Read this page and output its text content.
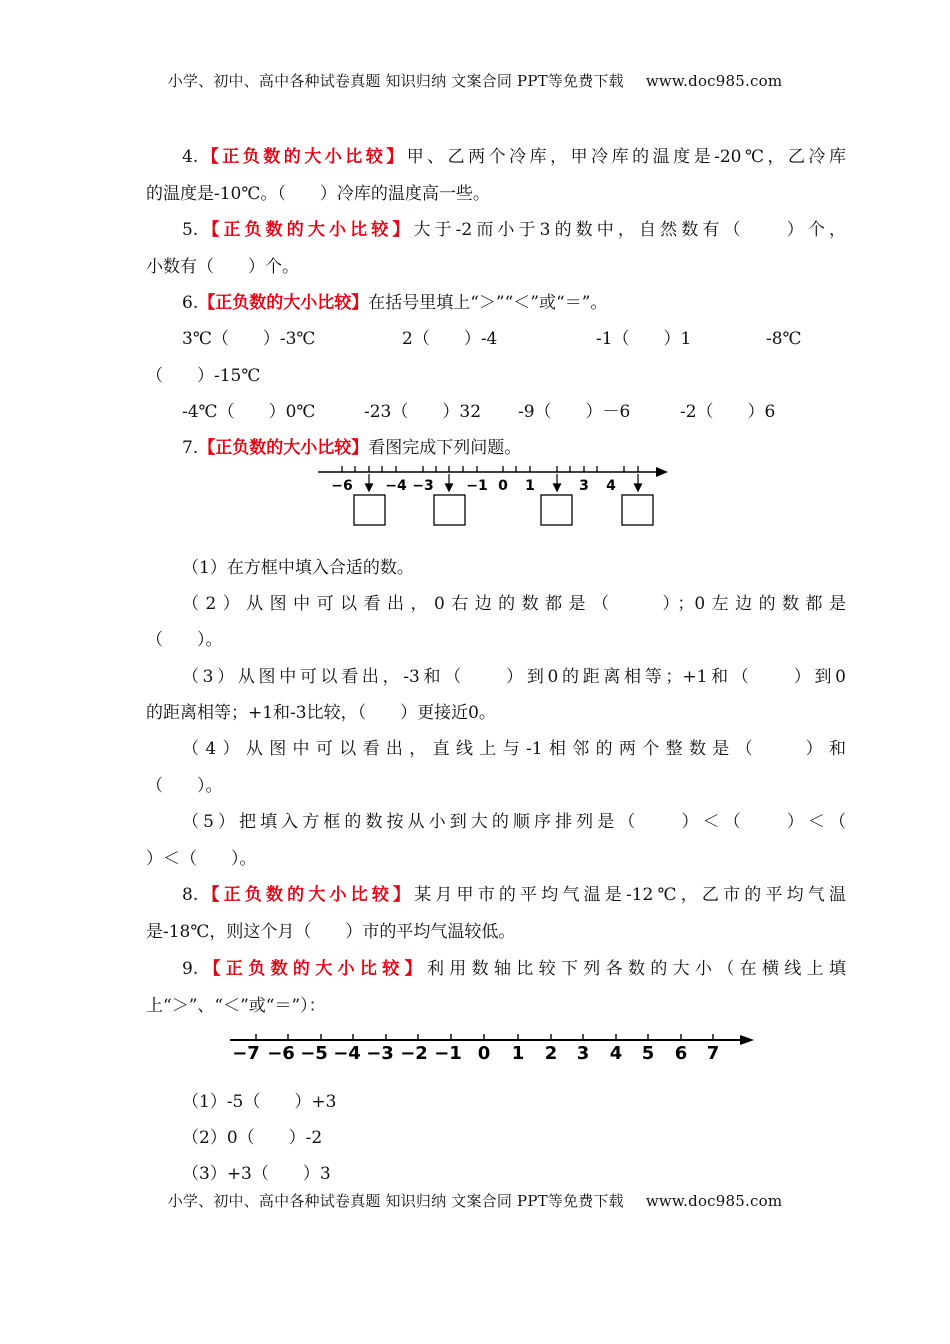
小学、初中、高中各种试卷真题 知识归纳 文案合同 PPT等免费下载 www.doc985.com
4.【正负数的大小比较】甲、乙两个冷库，甲冷库的温度是-20℃，乙冷库
的温度是-10℃。（　　）冷库的温度高一些。
5.【正负数的大小比较】大于-2而小于3的数中，自然数有（　　）个，
小数有（　　）个。
6.【正负数的大小比较】在括号里填上“＞”“＜”或“＝”。
3℃（　　）-3℃	2（　　）-4	-1（　　）1	-8℃
（　　）-15℃
-4℃（　　）0℃	-23（　　）32 -9（　　）－6	-2（　　）6
7.【正负数的大小比较】看图完成下列问题。
−6 −4 −3 −1 0 1	3 4
（1）在方框中填入合适的数。
（2）从图中可以看出，0右边的数都是（　　）；0左边的数都是
（　　）。
（3）从图中可以看出，-3和（　　）到0的距离相等；+1和（　　）到0
的距离相等；+1和-3比较，（　　）更接近0。
（4）从图中可以看出，直线上与-1相邻的两个整数是（　　）和
（　　）。
（5）把填入方框的数按从小到大的顺序排列是（　　）＜（　　）＜（
）＜（　　）。
8.【正负数的大小比较】某月甲市的平均气温是-12℃，乙市的平均气温
是-18℃，则这个月（　　）市的平均气温较低。
9.【正负数的大小比较】利用数轴比较下列各数的大小（在横线上填
上“＞”、“＜”或“＝”）：
−7 −6 −5 −4 −3 −2 −1 0 1 2 3 4 5 6 7
（1）-5（　　）+3
（2）0（　　）-2
（3）+3（　　）3
小学、初中、高中各种试卷真题 知识归纳 文案合同 PPT等免费下载 www.doc985.com
